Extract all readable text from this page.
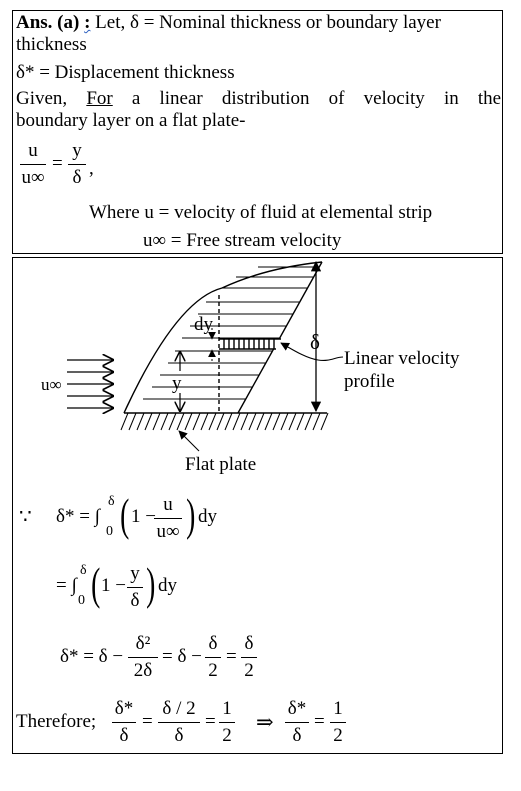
Ans. (a) : Let, δ = Nominal thickness or boundary layer
thickness
δ* = Displacement thickness
Given, For a linear distribution of velocity in the
boundary layer on a flat plate-
u
u∞
=
y
δ ,
Where u = velocity of fluid at elemental strip
u∞ = Free stream velocity
dy
δ
Linear velocity
profile
u∞	y
Flat plate
∵ δ* = ∫
δ
0 ( 1 −
u
u∞ ) dy
= ∫
δ
0 ( 1 −
y
δ ) dy
δ* = δ −
δ²
2δ
= δ −
δ
2
=
δ
2
Therefore;
δ*
δ
=
δ / 2
δ
=
1
2
⇒
δ*
δ
=
1
2
